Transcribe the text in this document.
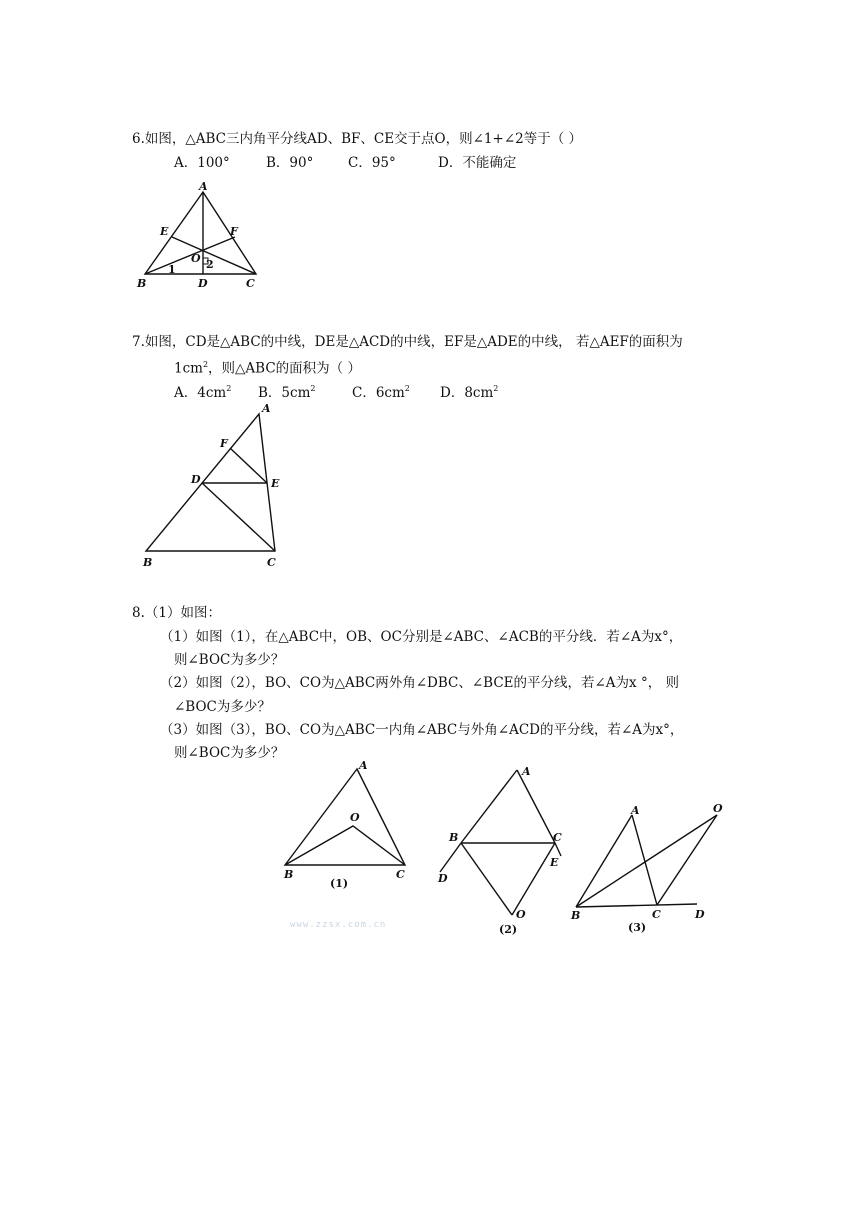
6.如图，△ABC三内角平分线AD、BF、CE交于点O，则∠1+∠2等于（ ）
A．100°	B．90°	C．95°	D．不能确定
A
B	C
D
E	F
O
1	2
7.如图，CD是△ABC的中线，DE是△ACD的中线，EF是△ADE的中线， 若△AEF的面积为
$1cm^2$，则△ABC的面积为（ ）
A．$4cm^2$ B．$5cm^2$	C．$6cm^2$ D．$8cm^2$
A
B	C
D	E
F
8.（1）如图：
（1）如图（1），在△ABC中，OB、OC分别是∠ABC、∠ACB的平分线．若∠A为x°，
则∠BOC为多少？
（2）如图（2），BO、CO为△ABC两外角∠DBC、∠BCE的平分线，若∠A为x °， 则
∠BOC为多少？
（3）如图（3），BO、CO为△ABC一内角∠ABC与外角∠ACD的平分线，若∠A为x°，
则∠BOC为多少？
A
B	C
O
(1)
A
B	C
D
E
O
(2)
A
B	C	D
O
(3)
www.zzsx.com.cn
